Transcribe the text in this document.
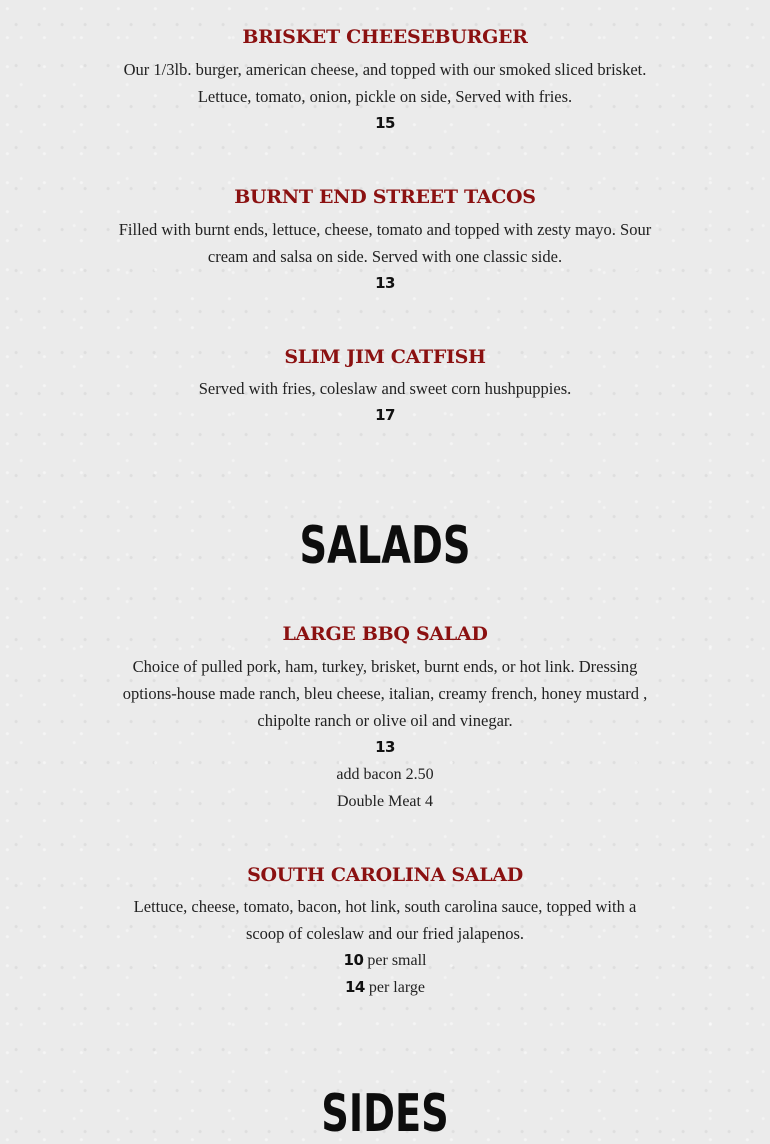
BRISKET CHEESEBURGER

Our 1/3lb. burger, american cheese, and topped with our smoked sliced brisket.
Lettuce, tomato, onion, pickle on side, Served with fries.

15
BURNT END STREET TACOS

Filled with burnt ends, lettuce, cheese, tomato and topped with zesty mayo. Sour
cream and salsa on side. Served with one classic side.

13
SLIM JIM CATFISH

Served with fries, coleslaw and sweet corn hushpuppies.

17
SALADS
LARGE BBQ SALAD

Choice of pulled pork, ham, turkey, brisket, burnt ends, or hot link. Dressing
options-house made ranch, bleu cheese, italian, creamy french, honey mustard ,
chipolte ranch or olive oil and vinegar.

13
add bacon 2.50
Double Meat 4
SOUTH CAROLINA SALAD

Lettuce, cheese, tomato, bacon, hot link, south carolina sauce, topped with a
scoop of coleslaw and our fried jalapenos.

10 per small
14 per large
SIDES
